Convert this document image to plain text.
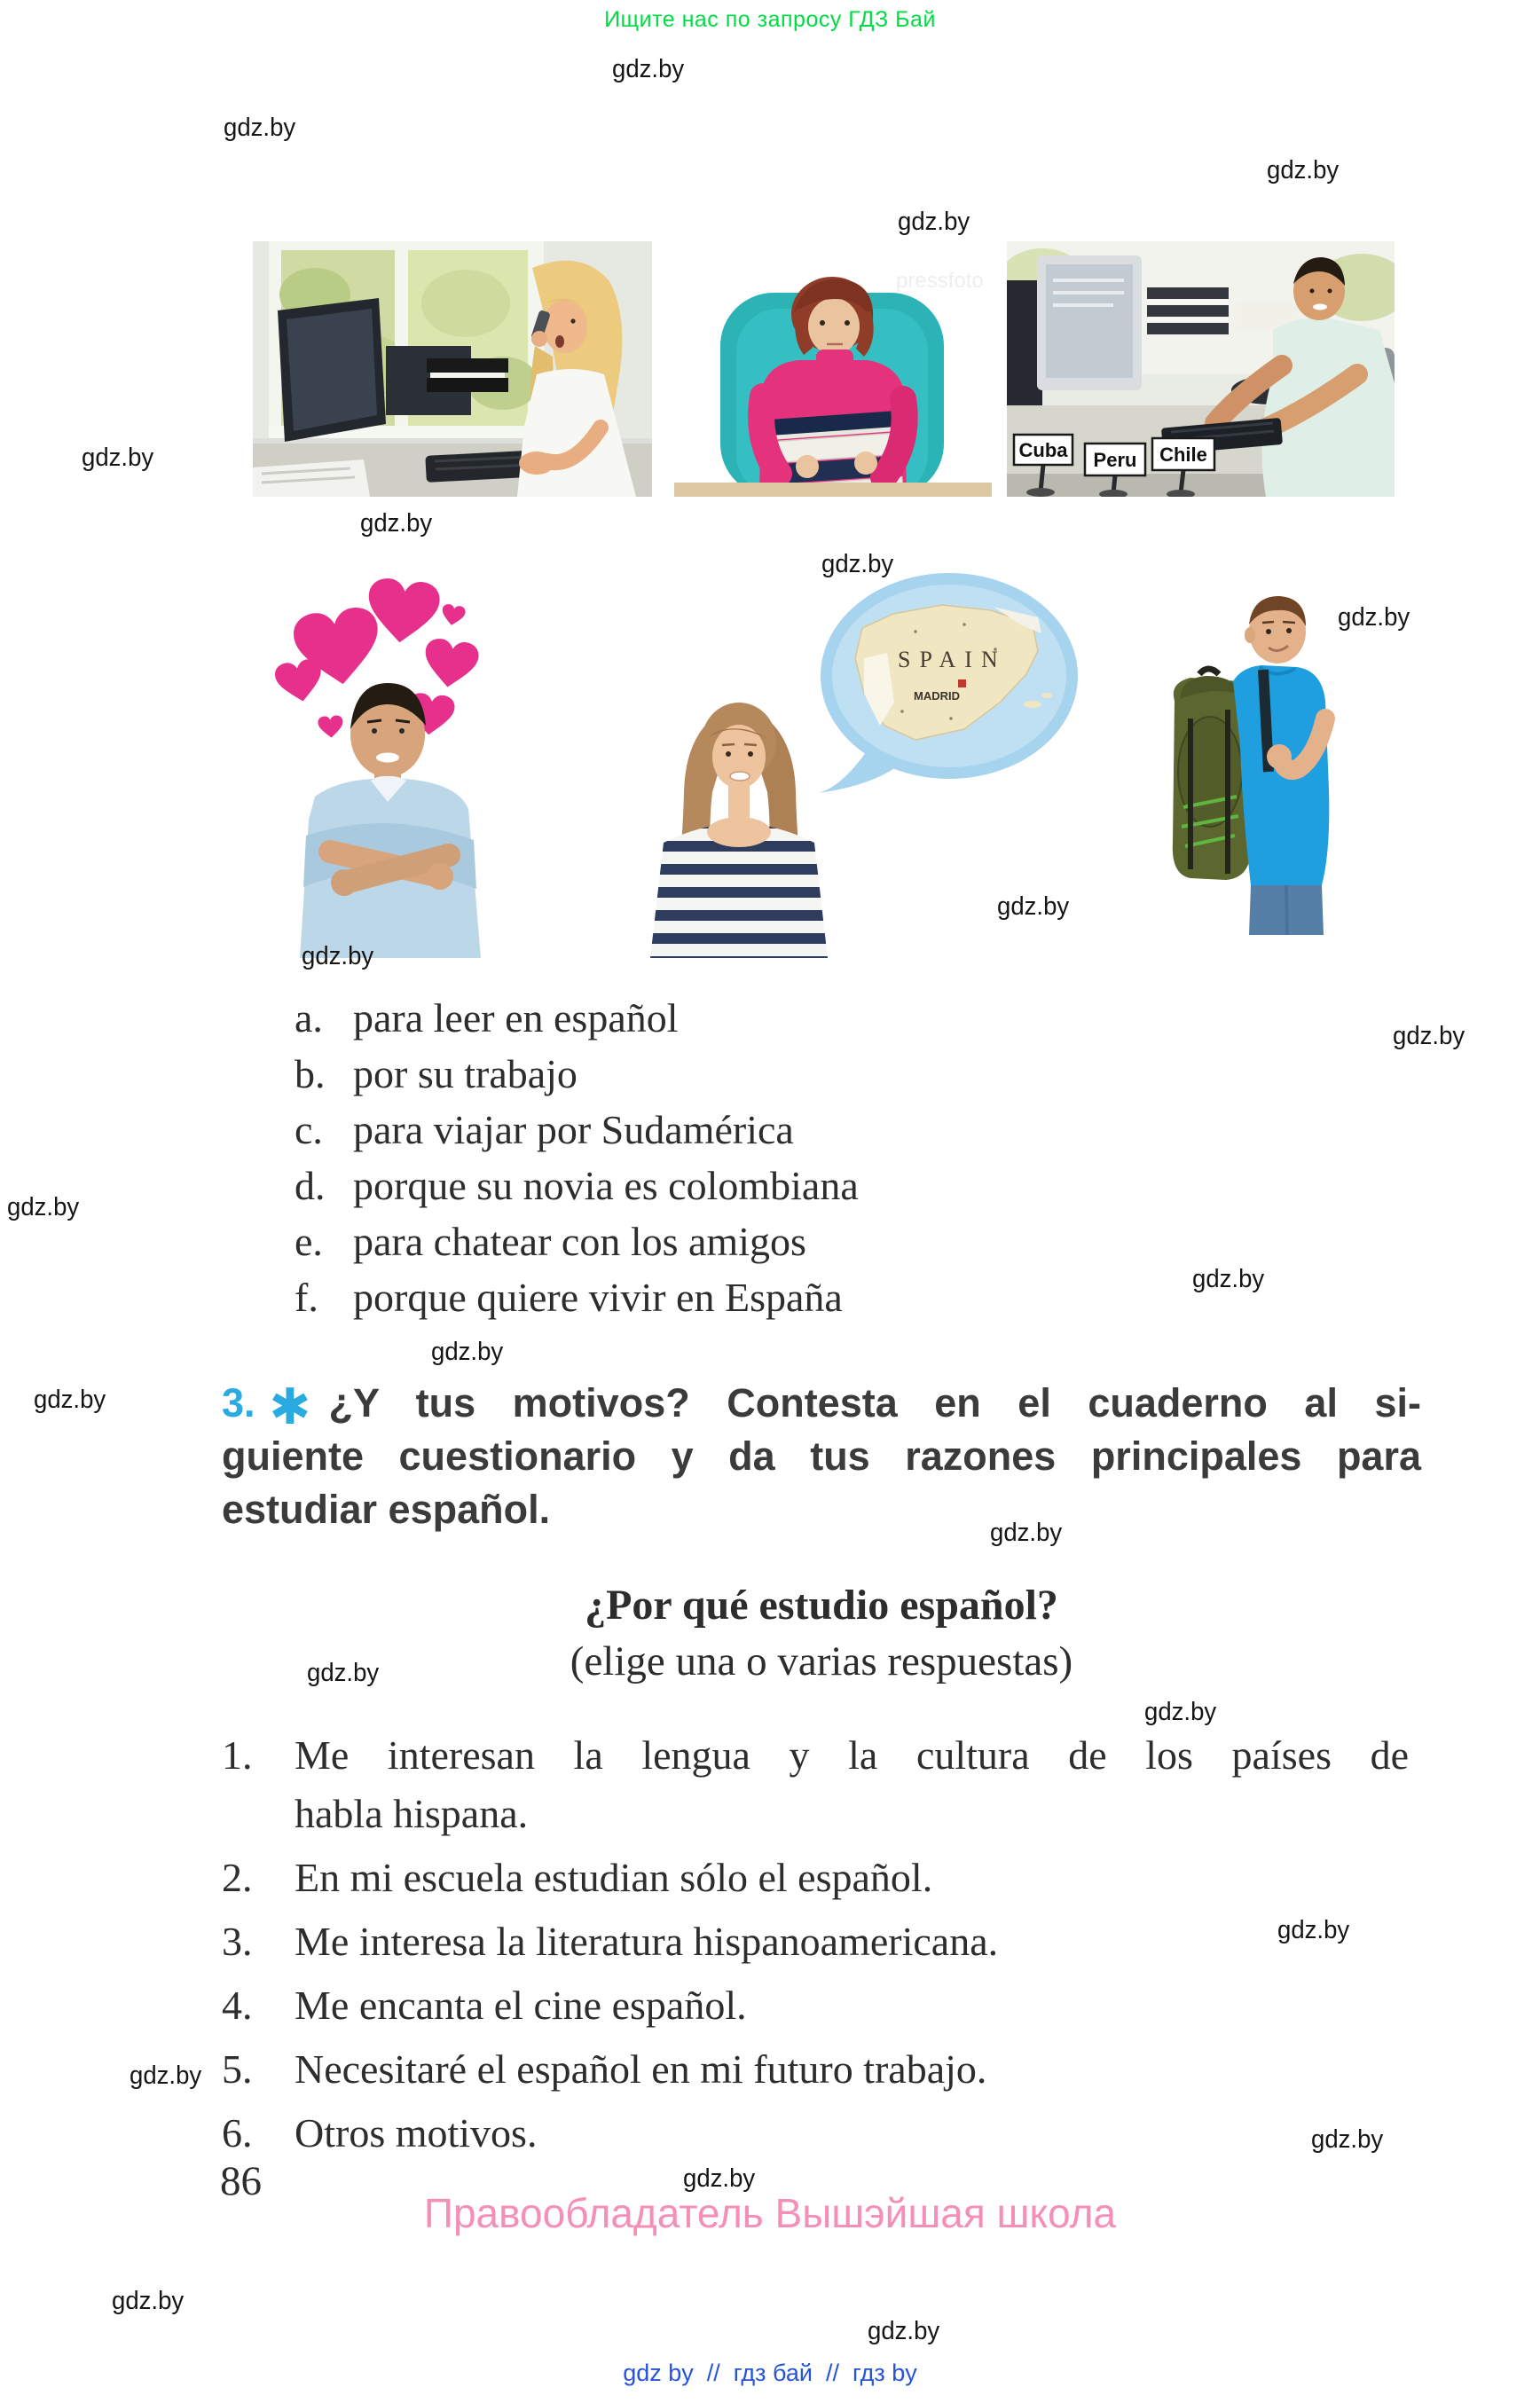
Ищите нас по запросу ГДЗ Бай
gdz.by
gdz.by
gdz.by
gdz.by
gdz.by
gdz.by
gdz.by
gdz.by
gdz.by
gdz.by
gdz.by
gdz.by
gdz.by
gdz.by
gdz.by
gdz.by
gdz.by
gdz.by
gdz.by
gdz.by
gdz.by
gdz.by
gdz.by
gdz.by
pressfoto
Cuba Peru Chile
SPAIN
MADRID
a. para leer en español
b. por su trabajo
c. para viajar por Sudamérica
d. porque su novia es colombiana
e. para chatear con los amigos
f. porque quiere vivir en España
3. ✱ ¿Y tus motivos? Contesta en el cuaderno al si-
guiente cuestionario y da tus razones principales para
estudiar español.
¿Por qué estudio español?
(elige una o varias respuestas)
1.	Me interesan la lengua y la cultura de los países de
habla hispana.
2.	En mi escuela estudian sólo el español.
3.	Me interesa la literatura hispanoamericana.
4.	Me encanta el cine español.
5.	Necesitaré el español en mi futuro trabajo.
6.	Otros motivos.
86
Правообладатель Вышэйшая школа
gdz by // гдз бай // гдз by
